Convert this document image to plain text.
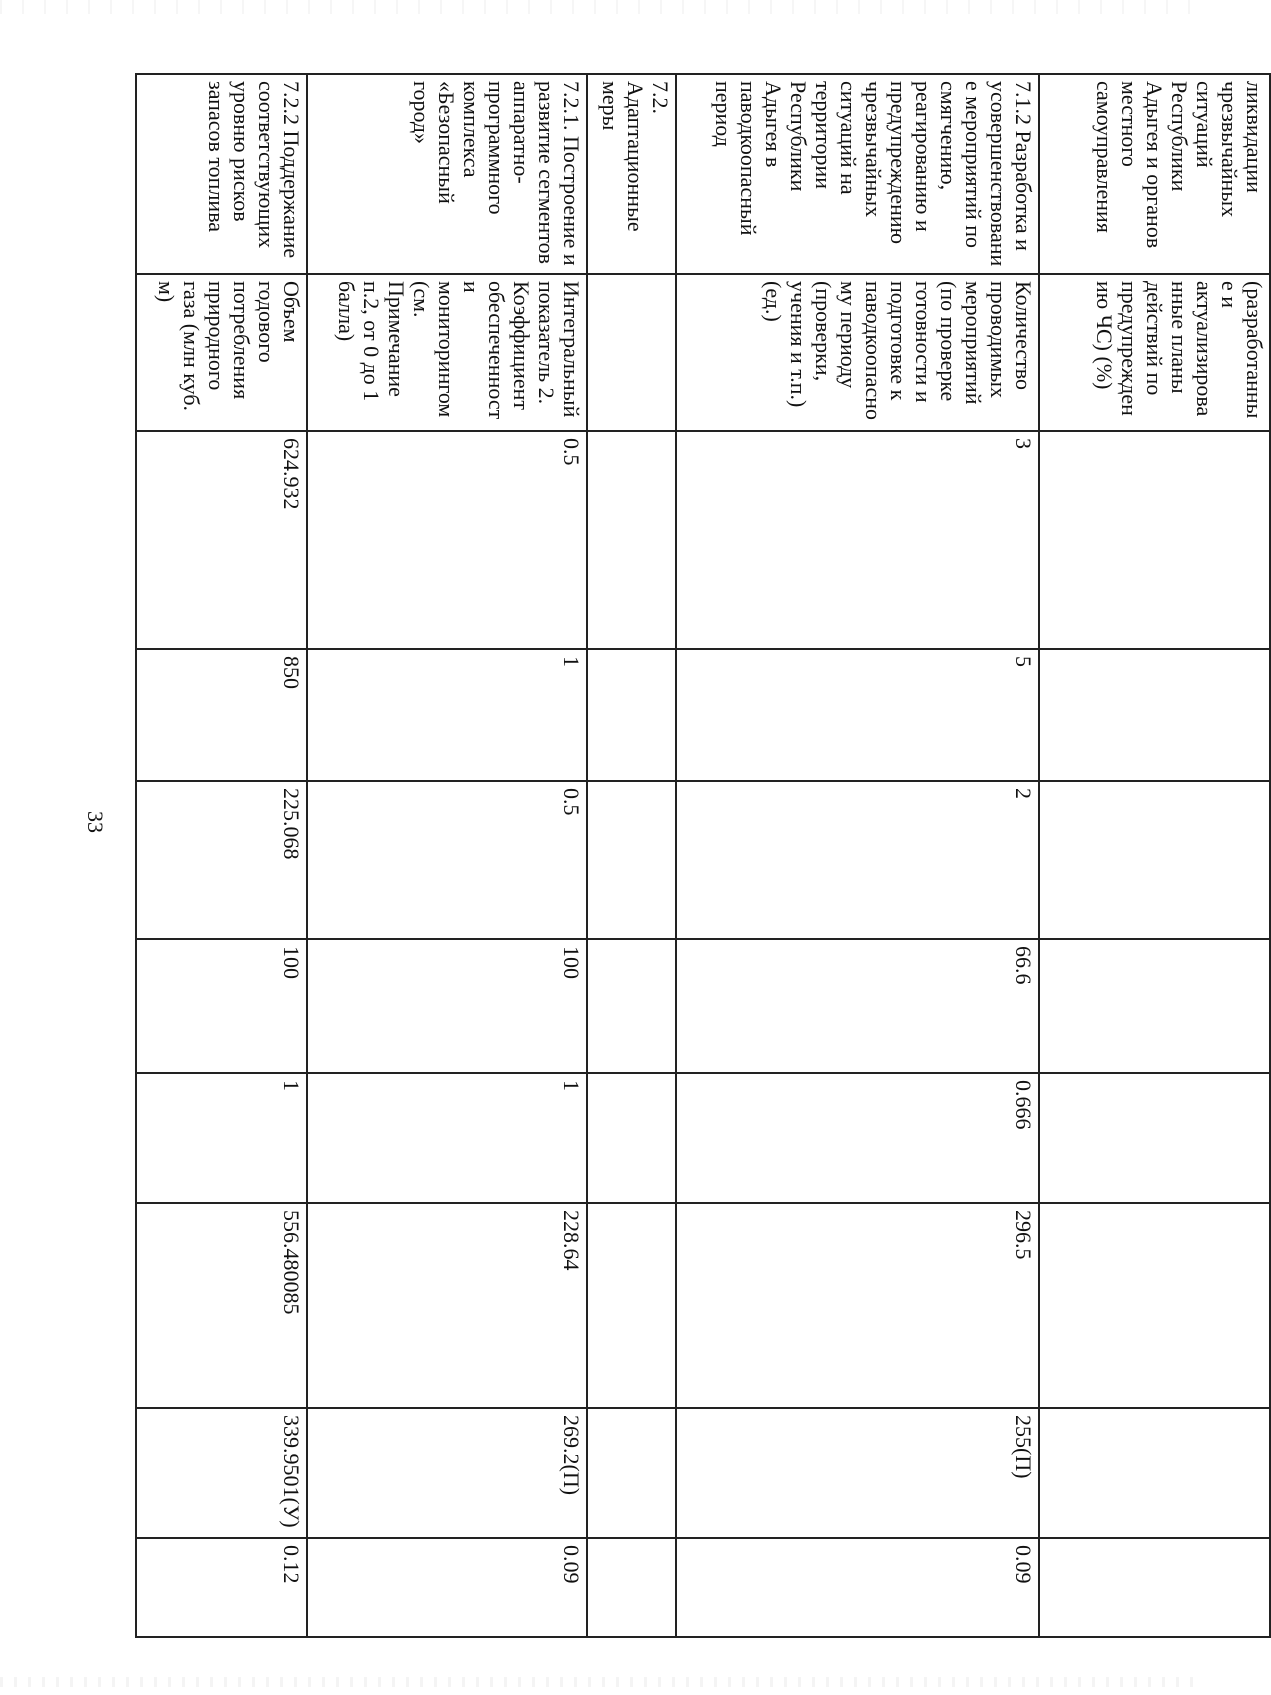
33
ликвидации чрезвычайных ситуаций Республики Адыгея и органов местного самоуправления	(разработанные и актуализированные планы действий по предупреждению ЧС) (%)								
7.1.2 Разработка и усовершенствование мероприятий по смягчению, реагированию и предупреждению чрезвычайных ситуаций на территории Республики Адыгея в паводкоопасный период	Количество проводимых мероприятий (по проверке готовности и подготовке к паводкоопасному периоду (проверки, учения и т.п.) (ед.)	3	5	2	66.6	0.666	296.5	255(П)	0.09
7.2. Адаптационные меры									
7.2.1. Построение и развитие сегментов аппаратно-программного комплекса «Безопасный город»	Интегральный показатель 2. Коэффициент обеспеченности мониторингом (см. Примечание п.2, от 0 до 1 балла)	0.5	1	0.5	100	1	228.64	269.2(П)	0.09
7.2.2 Поддержание соответствующих уровню рисков запасов топлива	Объем годового потребления природного газа (млн куб. м)	624.932	850	225.068	100	1	556.480085	339.9501(У)	0.12
